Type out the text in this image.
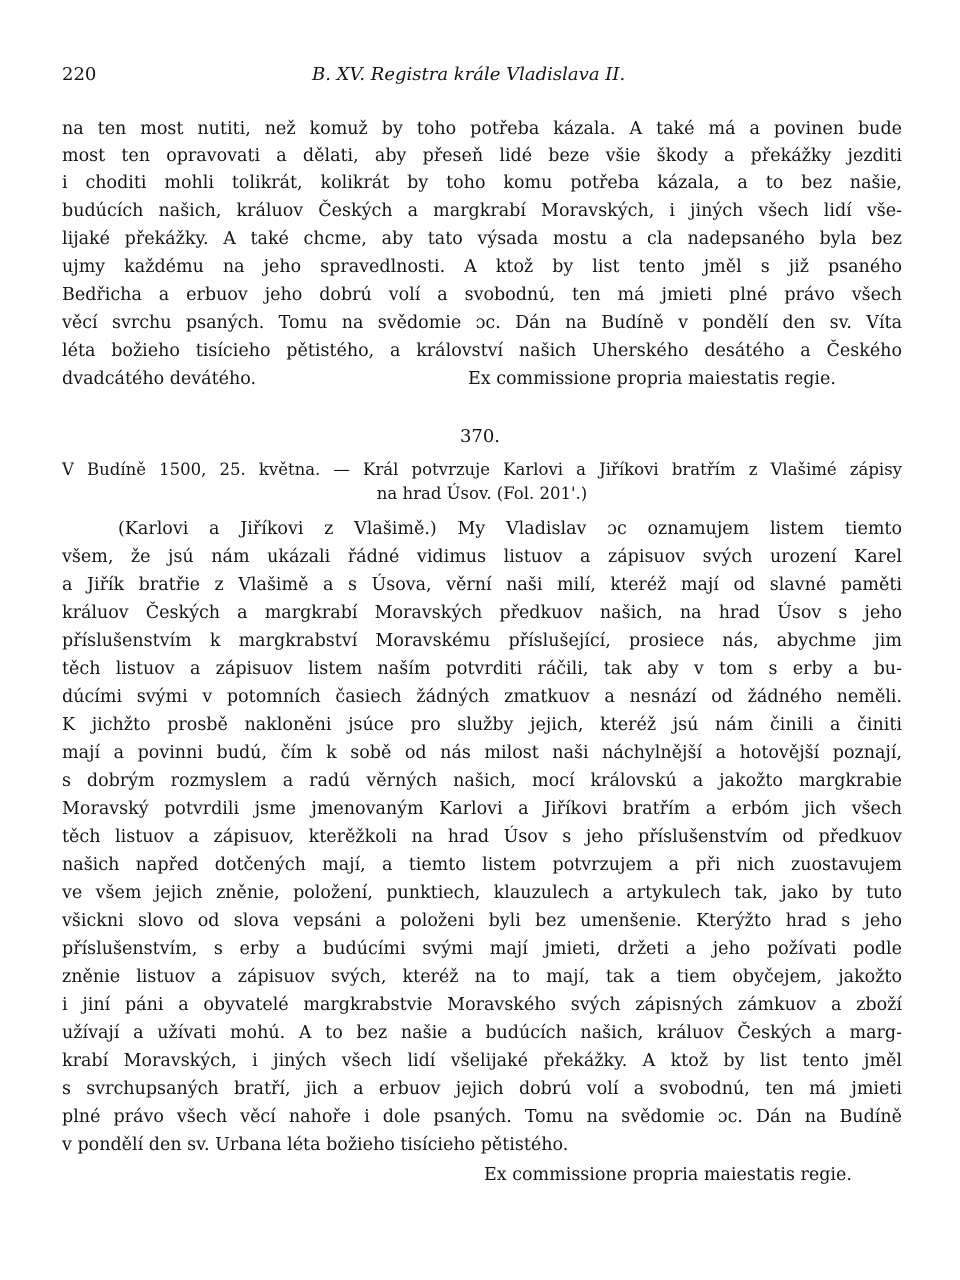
220	B. XV. Registra krále Vladislava II.
na ten most nutiti, než komuž by toho potřeba kázala. A také má a povinen bude
most ten opravovati a dělati, aby přeseň lidé beze všie škody a překážky jezditi
i choditi mohli tolikrát, kolikrát by toho komu potřeba kázala, a to bez našie,
budúcích našich, králuov Českých a margkrabí Moravských, i jiných všech lidí vše-
lijaké překážky. A také chcme, aby tato výsada mostu a cla nadepsaného byla bez
ujmy každému na jeho spravedlnosti. A ktož by list tento jměl s již psaného
Bedřicha a erbuov jeho dobrú volí a svobodnú, ten má jmieti plné právo všech
věcí svrchu psaných. Tomu na svědomie ɔc. Dán na Budíně v pondělí den sv. Víta
léta božieho tisícieho pětistého, a království našich Uherského desátého a Českého
dvadcátého devátého.	Ex commissione propria maiestatis regie.
370.
V Budíně 1500, 25. května. — Král potvrzuje Karlovi a Jiříkovi bratřím z Vlašimé zápisy
na hrad Úsov. (Fol. 201'.)
(Karlovi a Jiříkovi z Vlašimě.) My Vladislav ɔc oznamujem listem tiemto
všem, že jsú nám ukázali řádné vidimus listuov a zápisuov svých urození Karel
a Jiřík bratřie z Vlašimě a s Úsova, věrní naši milí, kteréž mají od slavné paměti
králuov Českých a margkrabí Moravských předkuov našich, na hrad Úsov s jeho
příslušenstvím k margkrabství Moravskému příslušející, prosiece nás, abychme jim
těch listuov a zápisuov listem naším potvrditi ráčili, tak aby v tom s erby a bu-
dúcími svými v potomních časiech žádných zmatkuov a nesnází od žádného neměli.
K jichžto prosbě nakloněni jsúce pro služby jejich, kteréž jsú nám činili a činiti
mají a povinni budú, čím k sobě od nás milost naši náchylnější a hotovější poznají,
s dobrým rozmyslem a radú věrných našich, mocí královskú a jakožto margkrabie
Moravský potvrdili jsme jmenovaným Karlovi a Jiříkovi bratřím a erbóm jich všech
těch listuov a zápisuov, kterěžkoli na hrad Úsov s jeho příslušenstvím od předkuov
našich napřed dotčených mají, a tiemto listem potvrzujem a při nich zuostavujem
ve všem jejich zněnie, položení, punktiech, klauzulech a artykulech tak, jako by tuto
všickni slovo od slova vepsáni a položeni byli bez umenšenie. Kterýžto hrad s jeho
příslušenstvím, s erby a budúcími svými mají jmieti, držeti a jeho požívati podle
zněnie listuov a zápisuov svých, kteréž na to mají, tak a tiem obyčejem, jakožto
i jiní páni a obyvatelé margkrabstvie Moravského svých zápisných zámkuov a zboží
užívají a užívati mohú. A to bez našie a budúcích našich, králuov Českých a marg-
krabí Moravských, i jiných všech lidí všelijaké překážky. A ktož by list tento jměl
s svrchupsaných bratří, jich a erbuov jejich dobrú volí a svobodnú, ten má jmieti
plné právo všech věcí nahoře i dole psaných. Tomu na svědomie ɔc. Dán na Budíně
v pondělí den sv. Urbana léta božieho tisícieho pětistého.
Ex commissione propria maiestatis regie.
